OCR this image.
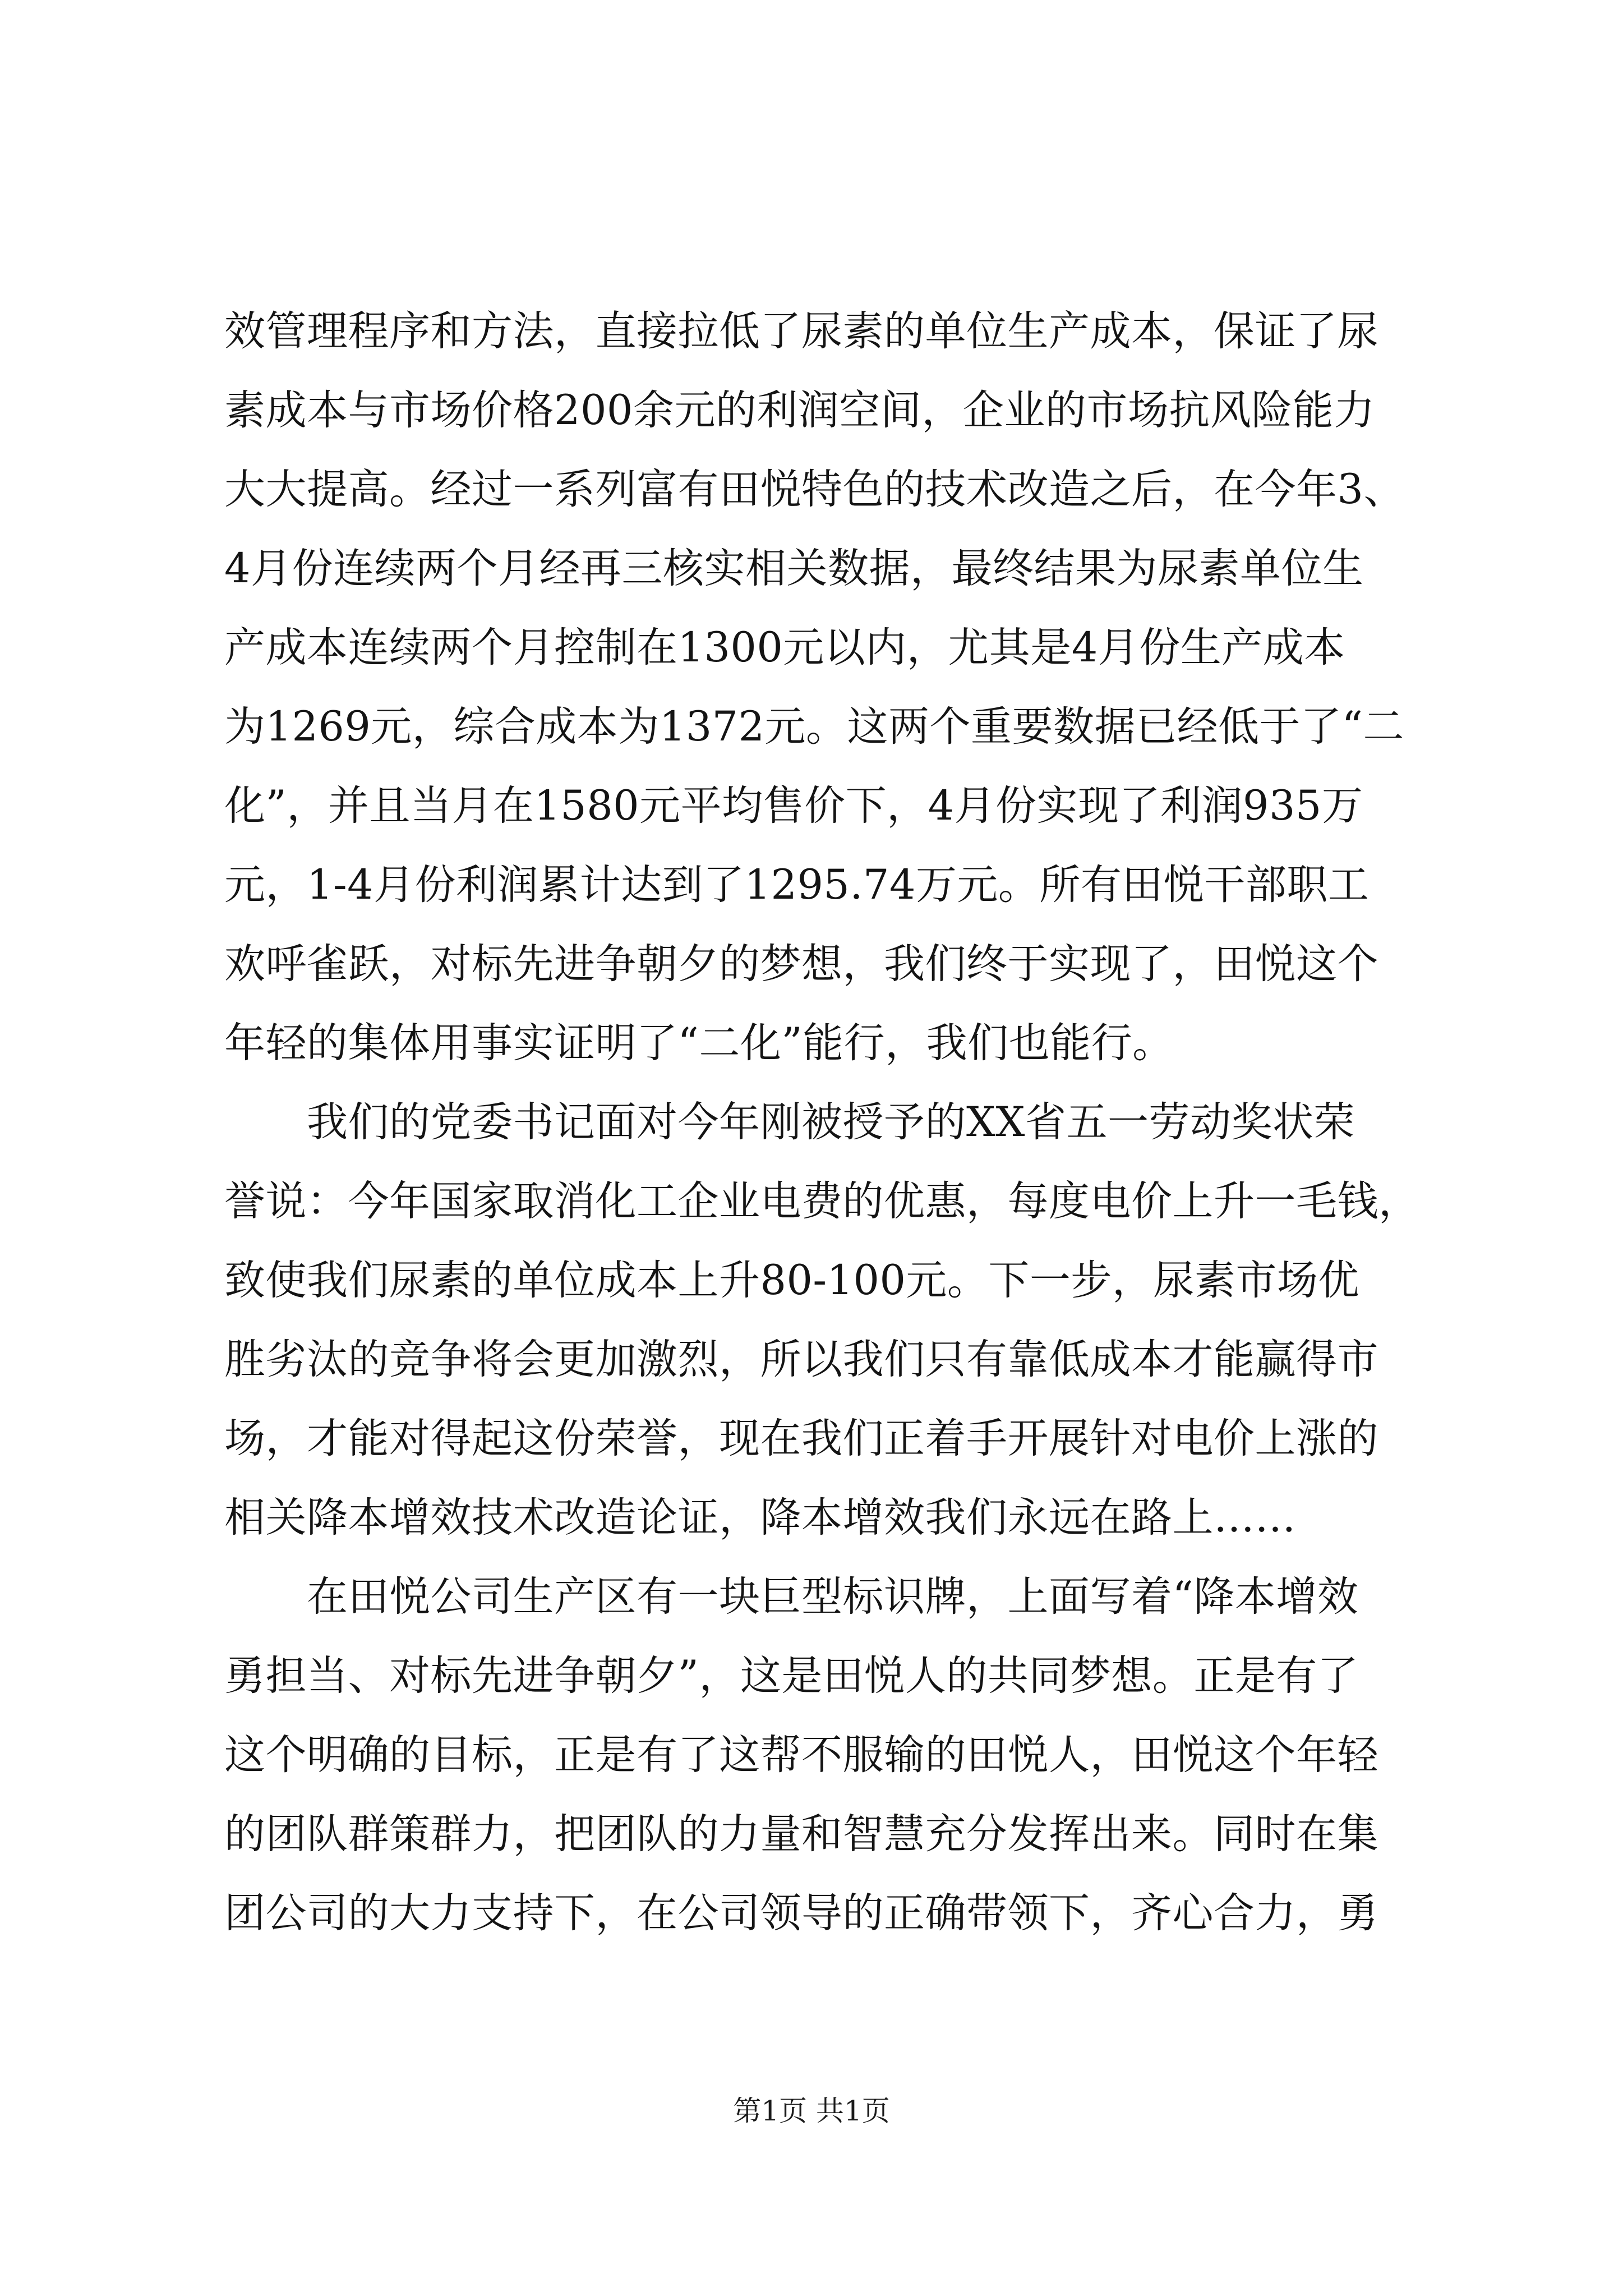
效管理程序和方法，直接拉低了尿素的单位生产成本，保证了尿
素成本与市场价格200余元的利润空间，企业的市场抗风险能力
大大提高。经过一系列富有田悦特色的技术改造之后，在今年3、
4月份连续两个月经再三核实相关数据，最终结果为尿素单位生
产成本连续两个月控制在1300元以内，尤其是4月份生产成本
为1269元，综合成本为1372元。这两个重要数据已经低于了“二
化”，并且当月在1580元平均售价下，4月份实现了利润935万
元，1-4月份利润累计达到了1295.74万元。所有田悦干部职工
欢呼雀跃，对标先进争朝夕的梦想，我们终于实现了，田悦这个
年轻的集体用事实证明了“二化”能行，我们也能行。
我们的党委书记面对今年刚被授予的XX省五一劳动奖状荣
誉说：今年国家取消化工企业电费的优惠，每度电价上升一毛钱，
致使我们尿素的单位成本上升80-100元。下一步，尿素市场优
胜劣汰的竞争将会更加激烈，所以我们只有靠低成本才能赢得市
场，才能对得起这份荣誉，现在我们正着手开展针对电价上涨的
相关降本增效技术改造论证，降本增效我们永远在路上……
在田悦公司生产区有一块巨型标识牌，上面写着“降本增效
勇担当、对标先进争朝夕”，这是田悦人的共同梦想。正是有了
这个明确的目标，正是有了这帮不服输的田悦人，田悦这个年轻
的团队群策群力，把团队的力量和智慧充分发挥出来。同时在集
团公司的大力支持下，在公司领导的正确带领下，齐心合力，勇
第1页 共1页
